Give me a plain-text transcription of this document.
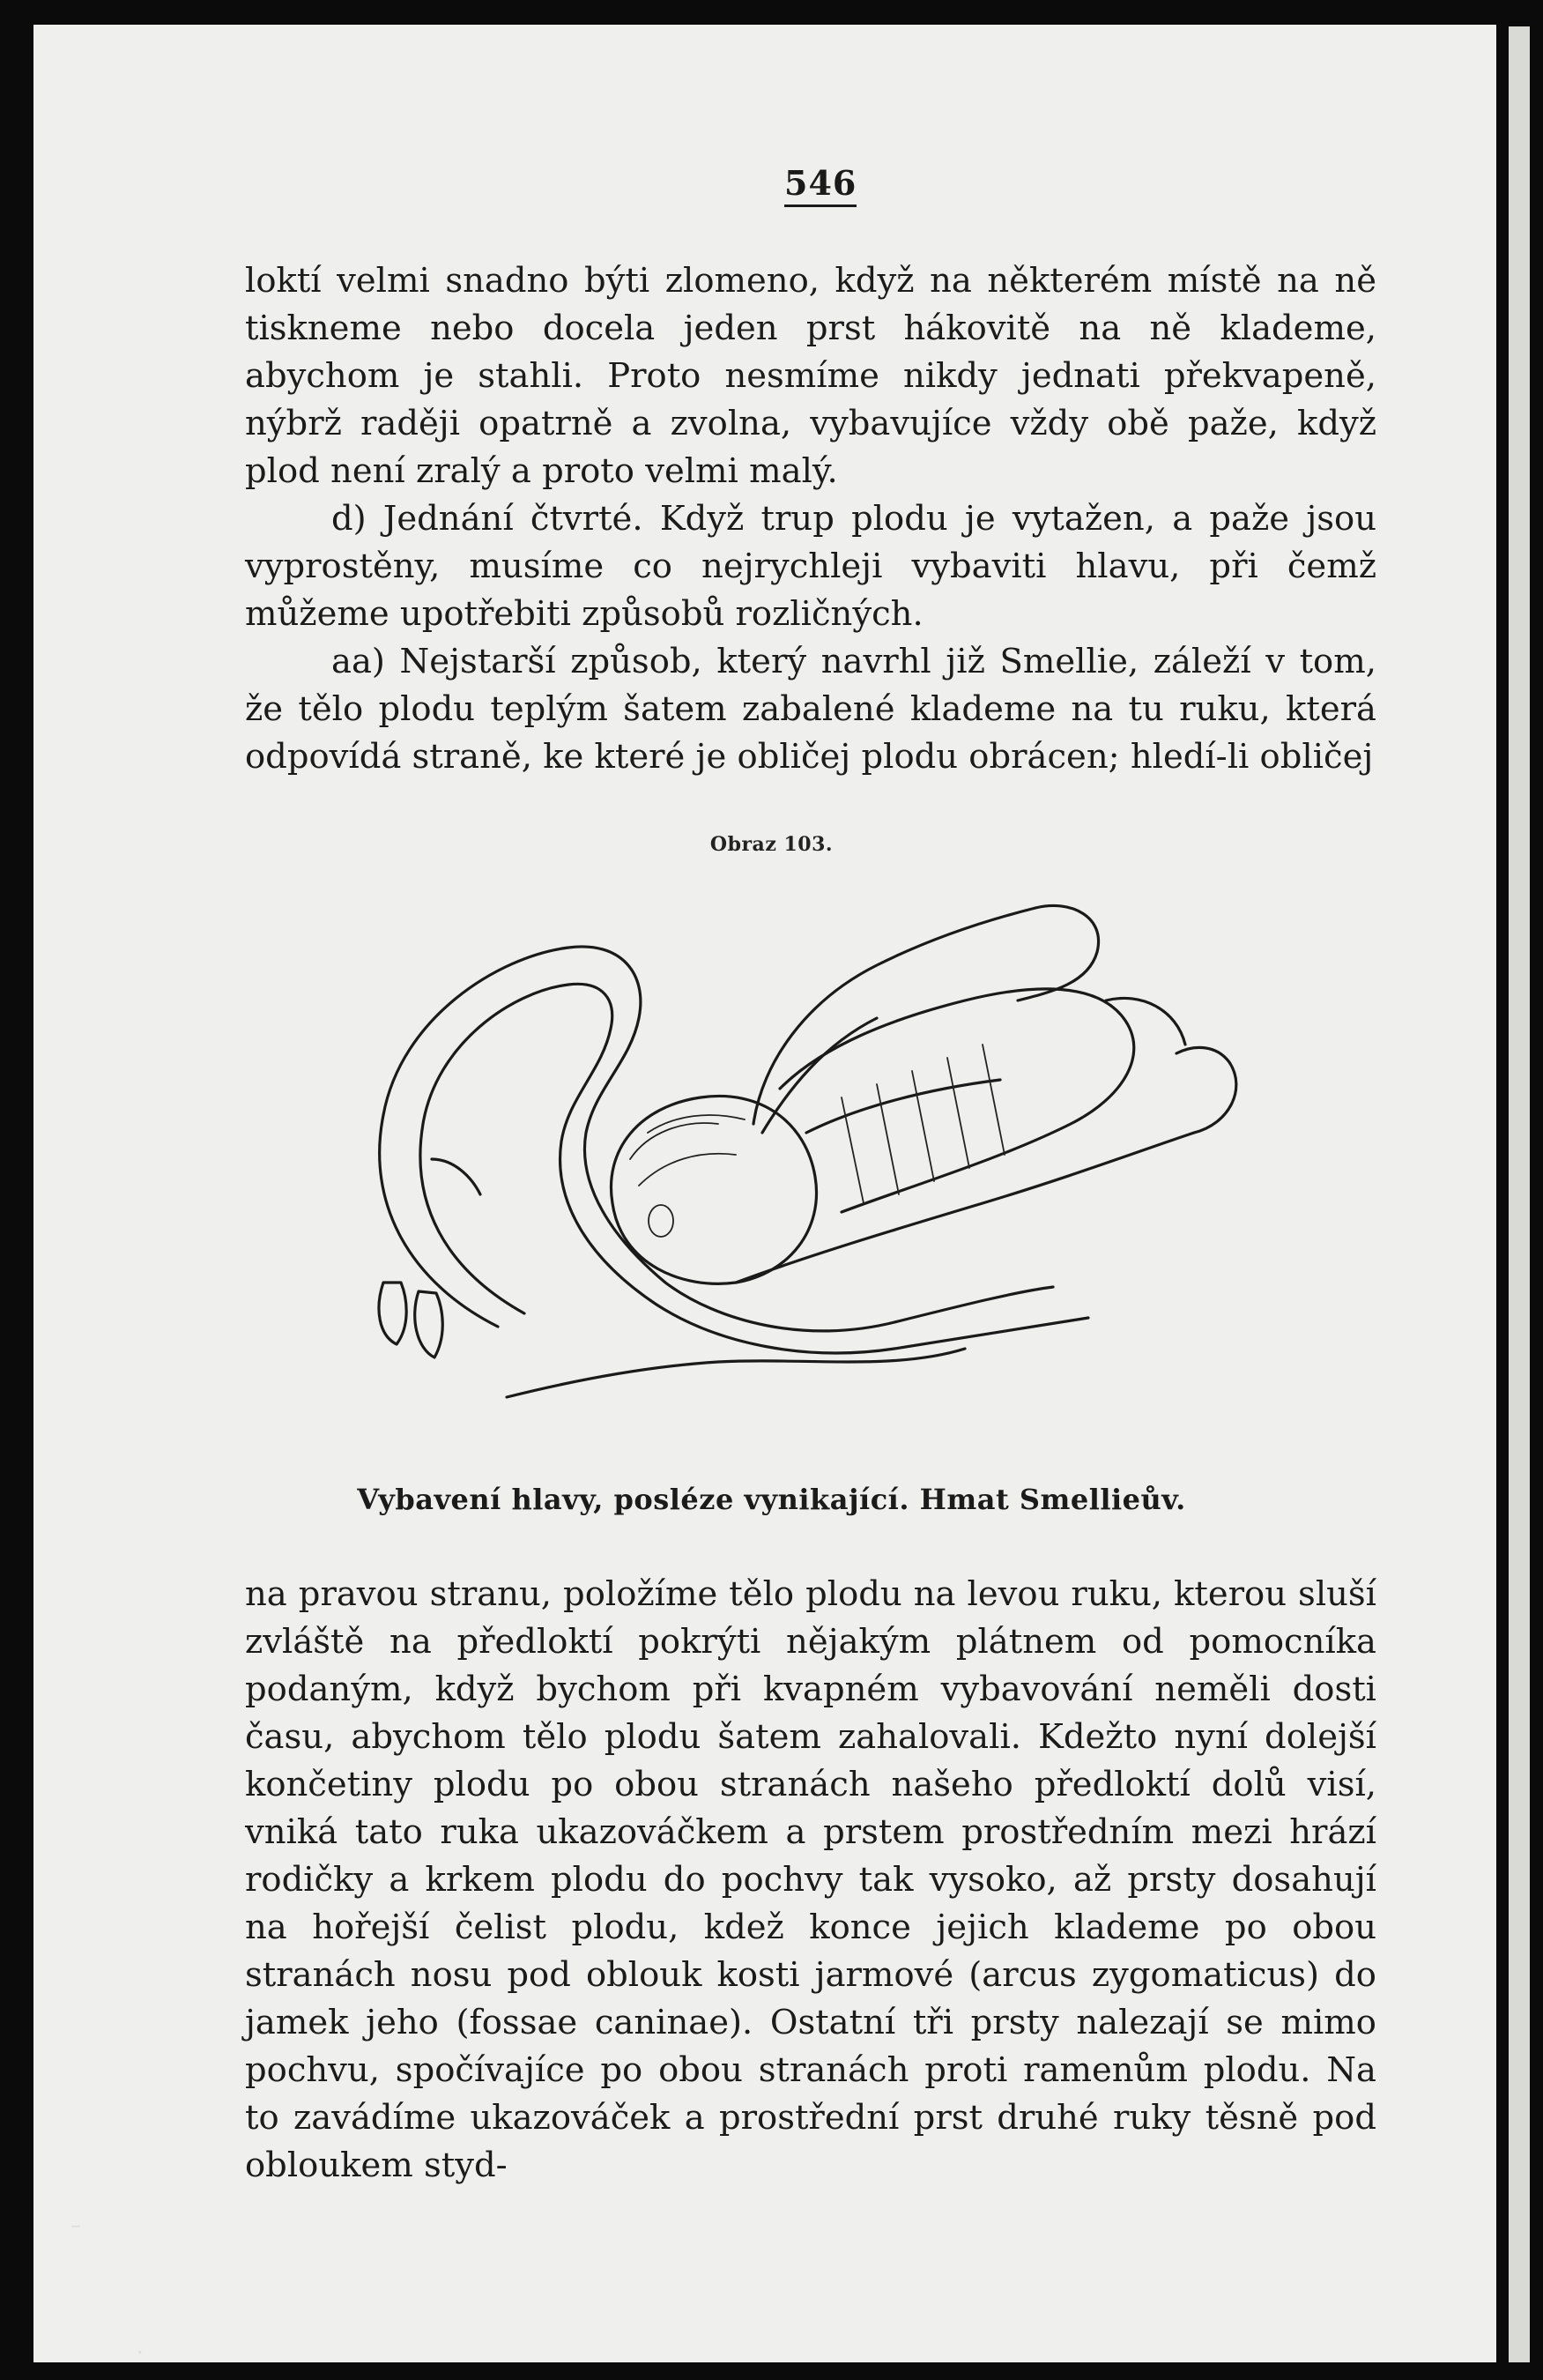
546

loktí velmi snadno býti zlomeno, když na některém místě na ně tiskneme nebo docela jeden prst hákovitě na ně klademe, abychom je stahli. Proto nesmíme nikdy jednati překvapeně, nýbrž raději opatrně a zvolna, vybavujíce vždy obě paže, když plod není zralý a proto velmi malý.

d) Jednání čtvrté. Když trup plodu je vytažen, a paže jsou vyprostěny, musíme co nejrychleji vybaviti hlavu, při čemž můžeme upotřebiti způsobů rozličných.

aa) Nejstarší způsob, který navrhl již Smellie, záleží v tom, že tělo plodu teplým šatem zabalené klademe na tu ruku, která odpovídá straně, ke které je obličej plodu obrácen; hledí-li obličej

Obraz 103.
Vybavení hlavy, posléze vynikající. Hmat Smellieův.

na pravou stranu, položíme tělo plodu na levou ruku, kterou sluší zvláště na předloktí pokrýti nějakým plátnem od pomocníka podaným, když bychom při kvapném vybavování neměli dosti času, abychom tělo plodu šatem zahalovali. Kdežto nyní dolejší končetiny plodu po obou stranách našeho předloktí dolů visí, vniká tato ruka ukazováčkem a prstem prostředním mezi hrází rodičky a krkem plodu do pochvy tak vysoko, až prsty dosahují na hořejší čelist plodu, kdež konce jejich klademe po obou stranách nosu pod oblouk kosti jarmové (arcus zygomaticus) do jamek jeho (fossae caninae). Ostatní tři prsty nalezají se mimo pochvu, spočívajíce po obou stranách proti ramenům plodu. Na to zavádíme ukazováček a prostřední prst druhé ruky těsně pod obloukem styd-

–
·
